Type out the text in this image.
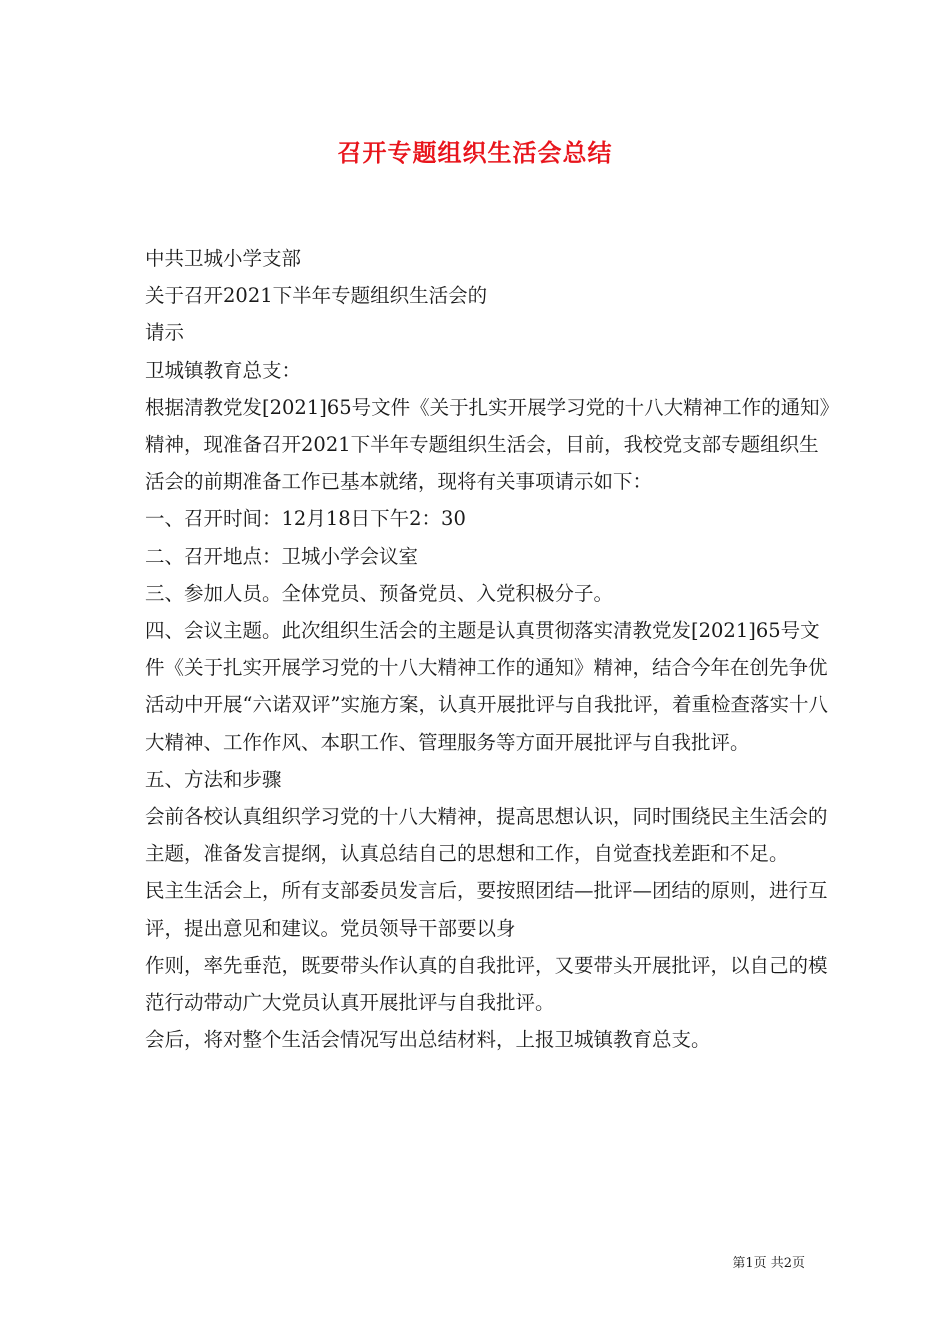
召开专题组织生活会总结

中共卫城小学支部

关于召开2021下半年专题组织生活会的

请示

卫城镇教育总支：

根据清教党发[2021]65号文件《关于扎实开展学习党的十八大精神工作的通知》精神，现准备召开2021下半年专题组织生活会，目前，我校党支部专题组织生活会的前期准备工作已基本就绪，现将有关事项请示如下：

一、召开时间：12月18日下午2：30

二、召开地点：卫城小学会议室

三、参加人员。全体党员、预备党员、入党积极分子。

四、会议主题。此次组织生活会的主题是认真贯彻落实清教党发[2021]65号文件《关于扎实开展学习党的十八大精神工作的通知》精神，结合今年在创先争优活动中开展“六诺双评”实施方案，认真开展批评与自我批评，着重检查落实十八大精神、工作作风、本职工作、管理服务等方面开展批评与自我批评。

五、方法和步骤

会前各校认真组织学习党的十八大精神，提高思想认识，同时围绕民主生活会的主题，准备发言提纲，认真总结自己的思想和工作，自觉查找差距和不足。

民主生活会上，所有支部委员发言后，要按照团结—批评—团结的原则，进行互评，提出意见和建议。党员领导干部要以身

作则，率先垂范，既要带头作认真的自我批评，又要带头开展批评，以自己的模范行动带动广大党员认真开展批评与自我批评。

会后，将对整个生活会情况写出总结材料，上报卫城镇教育总支。

第1页 共2页
